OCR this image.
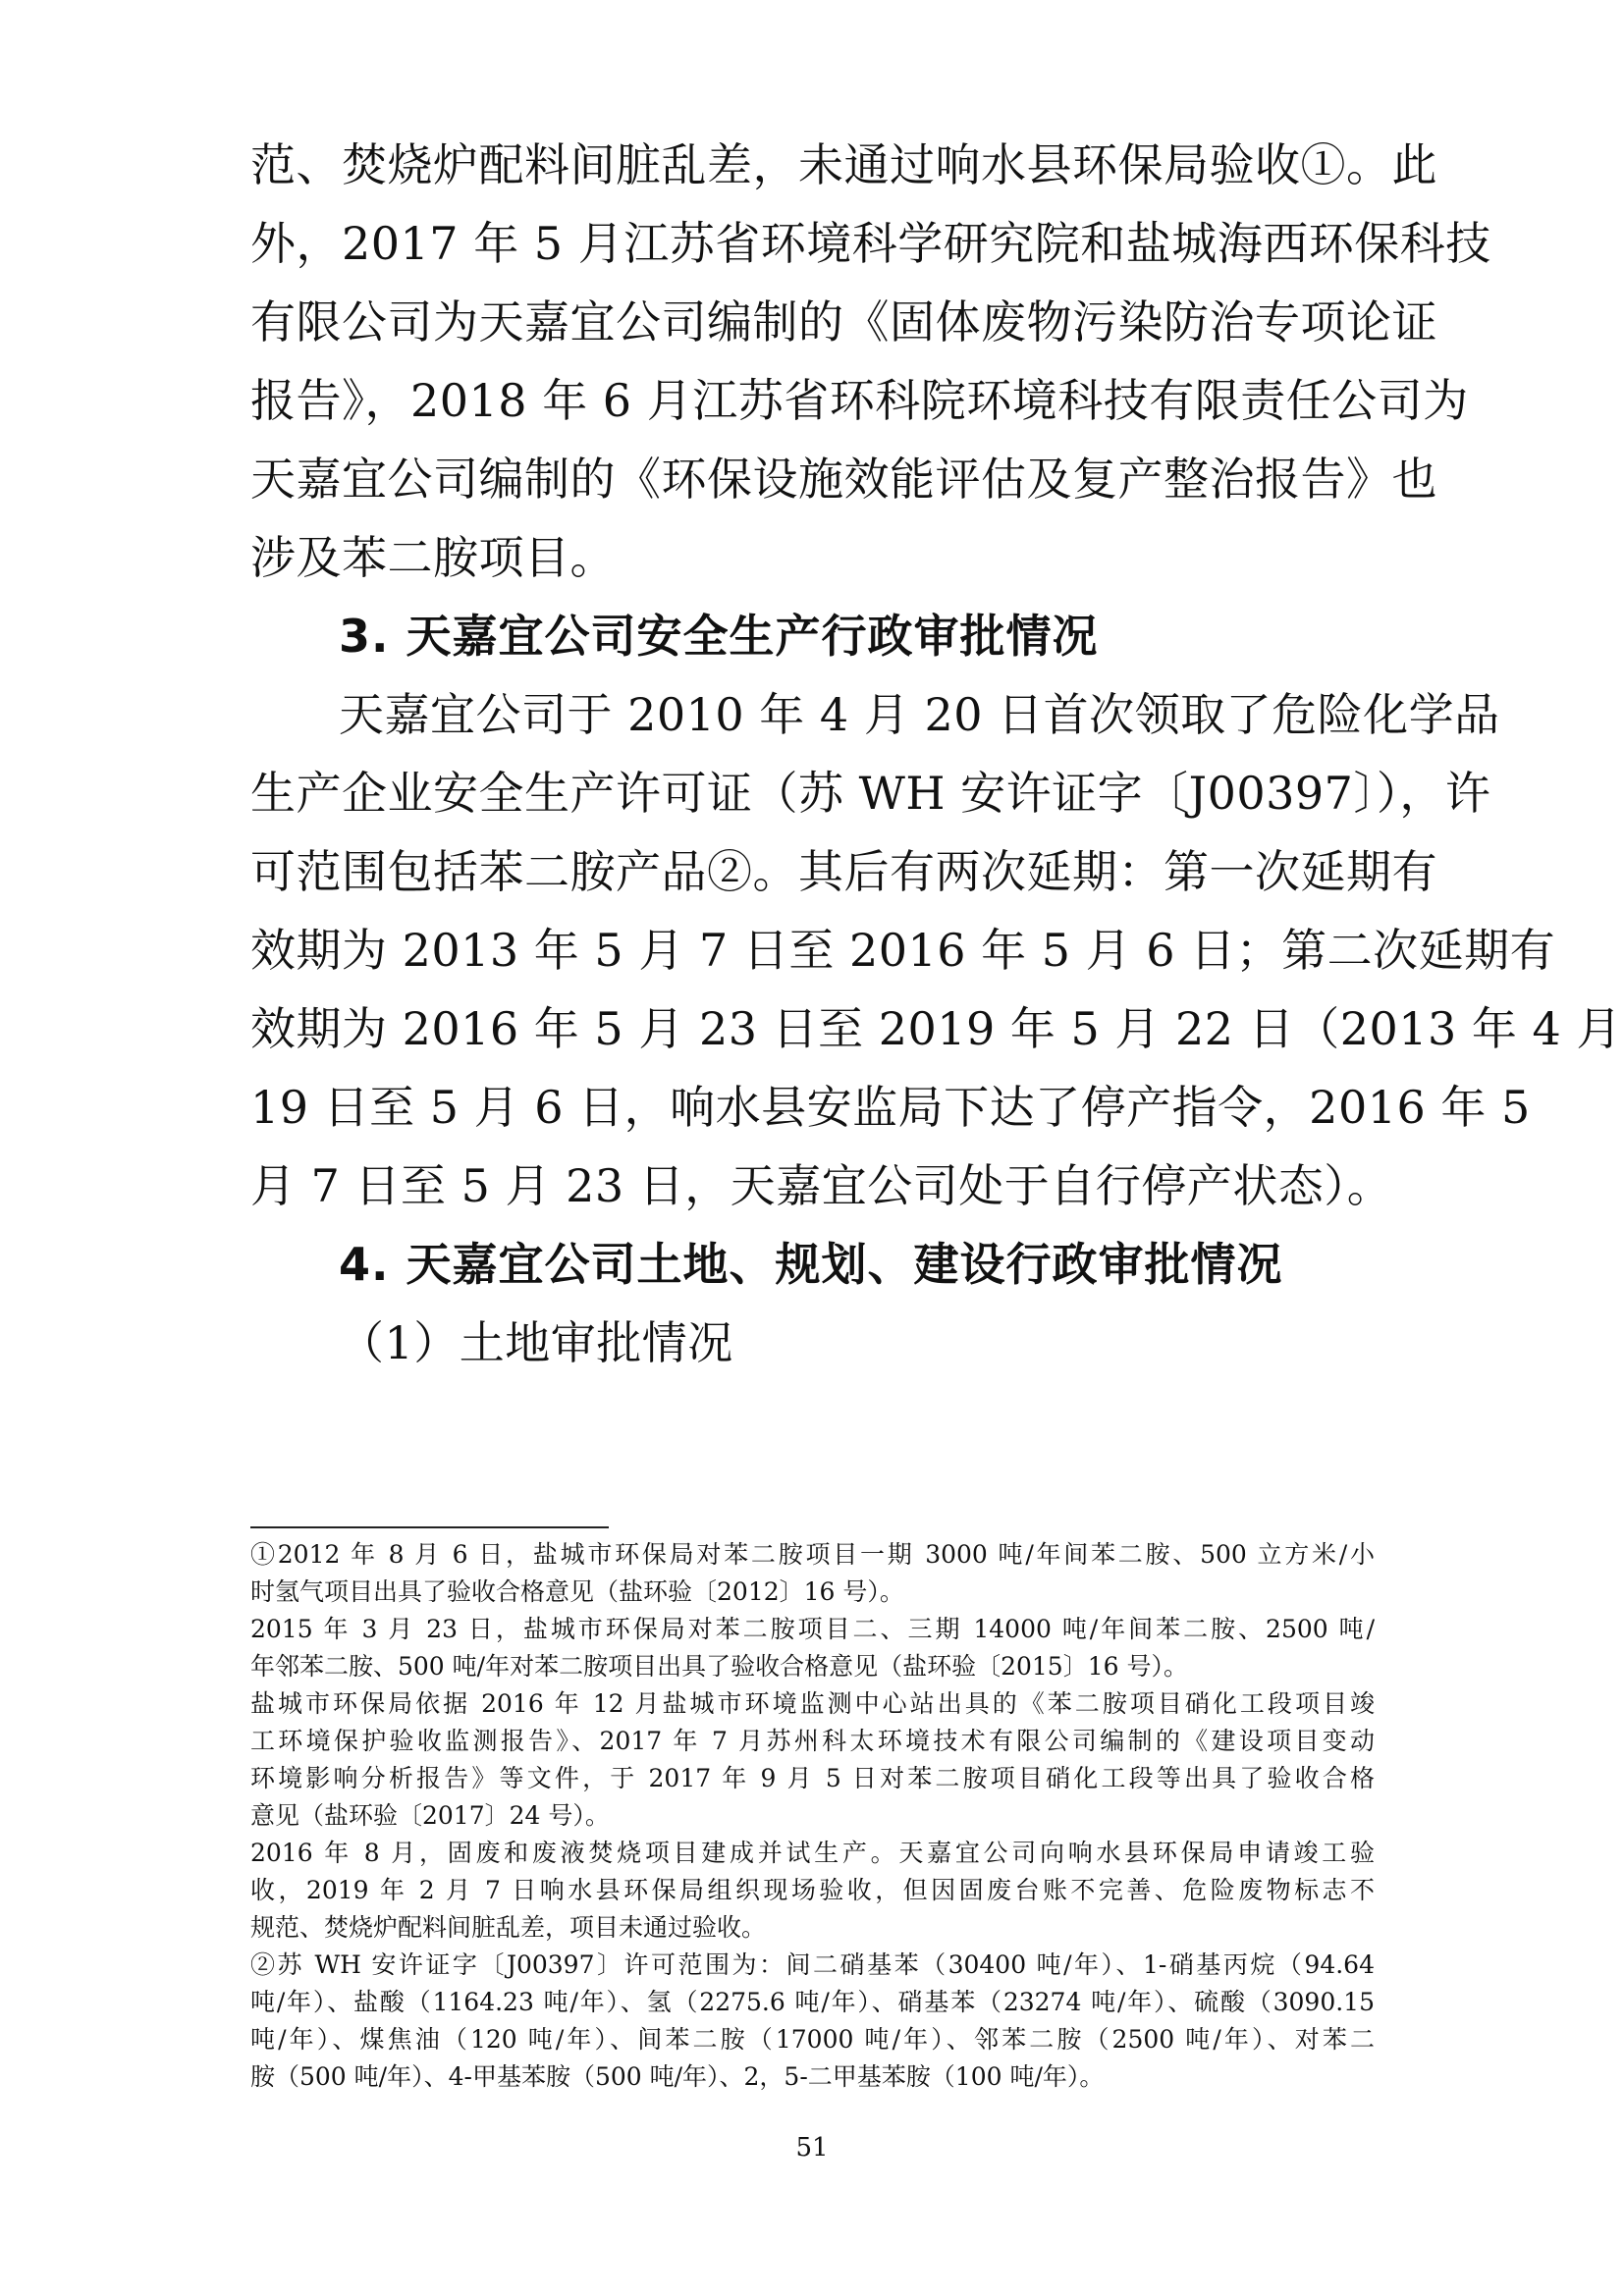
范、焚烧炉配料间脏乱差，未通过响水县环保局验收①。此
外，2017 年 5 月江苏省环境科学研究院和盐城海西环保科技
有限公司为天嘉宜公司编制的《固体废物污染防治专项论证
报告》，2018 年 6 月江苏省环科院环境科技有限责任公司为
天嘉宜公司编制的《环保设施效能评估及复产整治报告》也
涉及苯二胺项目。
3. 天嘉宜公司安全生产行政审批情况
天嘉宜公司于 2010 年 4 月 20 日首次领取了危险化学品
生产企业安全生产许可证（苏 WH 安许证字〔J00397〕），许
可范围包括苯二胺产品②。其后有两次延期：第一次延期有
效期为 2013 年 5 月 7 日至 2016 年 5 月 6 日；第二次延期有
效期为 2016 年 5 月 23 日至 2019 年 5 月 22 日（2013 年 4 月
19 日至 5 月 6 日，响水县安监局下达了停产指令，2016 年 5
月 7 日至 5 月 23 日，天嘉宜公司处于自行停产状态）。
4. 天嘉宜公司土地、规划、建设行政审批情况
（1）土地审批情况
①2012 年 8 月 6 日，盐城市环保局对苯二胺项目一期 3000 吨/年间苯二胺、500 立方米/小
时氢气项目出具了验收合格意见（盐环验〔2012〕16 号）。
2015 年 3 月 23 日，盐城市环保局对苯二胺项目二、三期 14000 吨/年间苯二胺、2500 吨/
年邻苯二胺、500 吨/年对苯二胺项目出具了验收合格意见（盐环验〔2015〕16 号）。
盐城市环保局依据 2016 年 12 月盐城市环境监测中心站出具的《苯二胺项目硝化工段项目竣
工环境保护验收监测报告》、2017 年 7 月苏州科太环境技术有限公司编制的《建设项目变动
环境影响分析报告》等文件，于 2017 年 9 月 5 日对苯二胺项目硝化工段等出具了验收合格
意见（盐环验〔2017〕24 号）。
2016 年 8 月，固废和废液焚烧项目建成并试生产。天嘉宜公司向响水县环保局申请竣工验
收，2019 年 2 月 7 日响水县环保局组织现场验收，但因固废台账不完善、危险废物标志不
规范、焚烧炉配料间脏乱差，项目未通过验收。
②苏 WH 安许证字〔J00397〕许可范围为：间二硝基苯（30400 吨/年）、1-硝基丙烷（94.64
吨/年）、盐酸（1164.23 吨/年）、氢（2275.6 吨/年）、硝基苯（23274 吨/年）、硫酸（3090.15
吨/年）、煤焦油（120 吨/年）、间苯二胺（17000 吨/年）、邻苯二胺（2500 吨/年）、对苯二
胺（500 吨/年）、4-甲基苯胺（500 吨/年）、2，5-二甲基苯胺（100 吨/年）。
51
